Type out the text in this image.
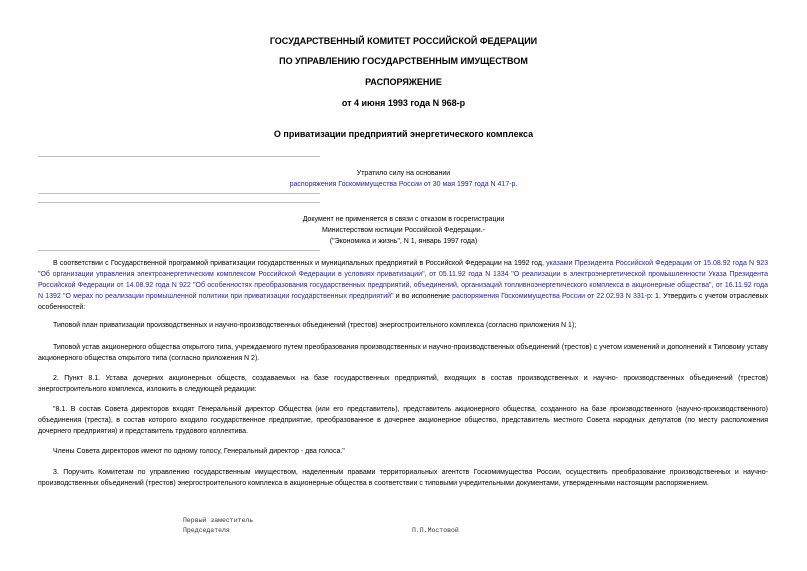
ГОСУДАРСТВЕННЫЙ КОМИТЕТ РОССИЙСКОЙ ФЕДЕРАЦИИ
ПО УПРАВЛЕНИЮ ГОСУДАРСТВЕННЫМ ИМУЩЕСТВОМ
РАСПОРЯЖЕНИЕ
от 4 июня 1993 года N 968-р
О приватизации предприятий энергетического комплекса
Утратило силу на основании
распоряжения Госкомимущества России от 30 мая 1997 года N 417-р.
Документ не применяется в связи с отказом в госрегистрации
Министерством юстиции Российской Федерации.-
("Экономика и жизнь", N 1, январь 1997 года)
В соответствии с Государственной программой приватизации государственных и муниципальных предприятий в Российской Федерации на 1992 год, указами Президента Российской Федерации от 15.08.92 года N 923 "Об организации управления электроэнергетическим комплексом Российской Федерации в условиях приватизации", от 05.11.92 года N 1334 "О реализации в электроэнергетической промышленности Указа Президента Российской Федерации от 14.08.92 года N 922 "Об особенностях преобразования государственных предприятий, объединений, организаций топливноэнергетического комплекса в акционерные общества", от 16.11.92 года N 1392 "О мерах по реализации промышленной политики при приватизации государственных предприятий" и во исполнение распоряжения Госкомимущества России от 22.02.93 N 331-р: 1. Утвердить с учетом отраслевых особенностей:
Типовой план приватизации производственных и научно-производственных объединений (трестов) энергостроительного комплекса (согласно приложения N 1);
Типовой устав акционерного общества открытого типа, учреждаемого путем преобразования производственных и научно-производственных объединений (трестов) с учетом изменений и дополнений к Типовому уставу акционерного общества открытого типа (согласно приложения N 2).
2. Пункт 8.1. Устава дочерних акционерных обществ, создаваемых на базе государственных предприятий, входящих в состав производственных и научно- производственных объединений (трестов) энергостроительного комплекса, изложить в следующей редакции:
"8.1. В состав Совета директоров входят Генеральный директор Общества (или его представитель), представитель акционерного общества, созданного на базе производственного (научно-производственного) объединения (треста), в состав которого входило государственное предприятие, преобразованное в дочернее акционерное общество, представитель местного Совета народных депутатов (по месту расположения дочернего предприятия) и представитель трудового коллектива.
Члены Совета директоров имеют по одному голосу, Генеральный директор - два голоса."
3. Поручить Комитетам по управлению государственным имуществом, наделенным правами территориальных агентств Госкомимущества России, осуществить преобразование производственных и научно-производственных объединений (трестов) энергостроительного комплекса в акционерные общества в соответствии с типовыми учредительными документами, утвержденными настоящим распоряжением.
Первый заместитель
Председателя	П.П.Мостовой
